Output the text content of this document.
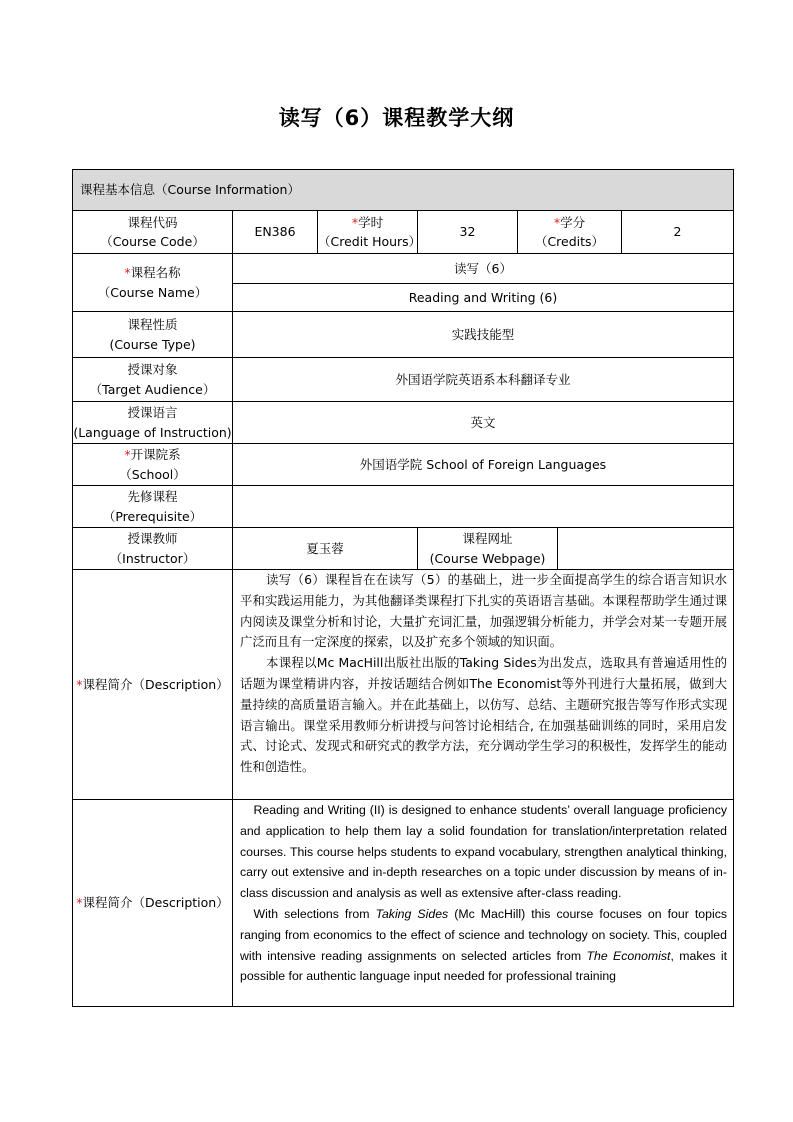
读写（6）课程教学大纲
课程基本信息（Course Information）
课程代码
（Course Code）
EN386
*学时
（Credit Hours）
32
*学分
（Credits）
2
*课程名称
（Course Name）
读写（6）
Reading and Writing (6)
课程性质
(Course Type)
实践技能型
授课对象
（Target Audience）
外国语学院英语系本科翻译专业
授课语言
(Language of Instruction)
英文
*开课院系
（School）
外国语学院 School of Foreign Languages
先修课程
（Prerequisite）
授课教师
（Instructor）
夏玉蓉
课程网址
(Course Webpage)
*课程简介（Description）

读写（6）课程旨在在读写（5）的基础上，进一步全面提高学生的综合语言知识水平和实践运用能力，为其他翻译类课程打下扎实的英语语言基础。本课程帮助学生通过课内阅读及课堂分析和讨论，大量扩充词汇量，加强逻辑分析能力，并学会对某一专题开展广泛而且有一定深度的探索，以及扩充多个领域的知识面。

本课程以Mc MacHill出版社出版的Taking Sides为出发点，选取具有普遍适用性的话题为课堂精讲内容，并按话题结合例如The Economist等外刊进行大量拓展，做到大量持续的高质量语言输入。并在此基础上，以仿写、总结、主题研究报告等写作形式实现语言输出。课堂采用教师分析讲授与问答讨论相结合, 在加强基础训练的同时，采用启发式、讨论式、发现式和研究式的教学方法，充分调动学生学习的积极性，发挥学生的能动性和创造性。

*课程简介（Description）

Reading and Writing (II) is designed to enhance students’ overall language proficiency and application to help them lay a solid foundation for translation/interpretation related courses. This course helps students to expand vocabulary, strengthen analytical thinking, carry out extensive and in-depth researches on a topic under discussion by means of in-class discussion and analysis as well as extensive after-class reading.

With selections from Taking Sides (Mc MacHill) this course focuses on four topics ranging from economics to the effect of science and technology on society. This, coupled with intensive reading assignments on selected articles from The Economist, makes it possible for authentic language input needed for professional training
